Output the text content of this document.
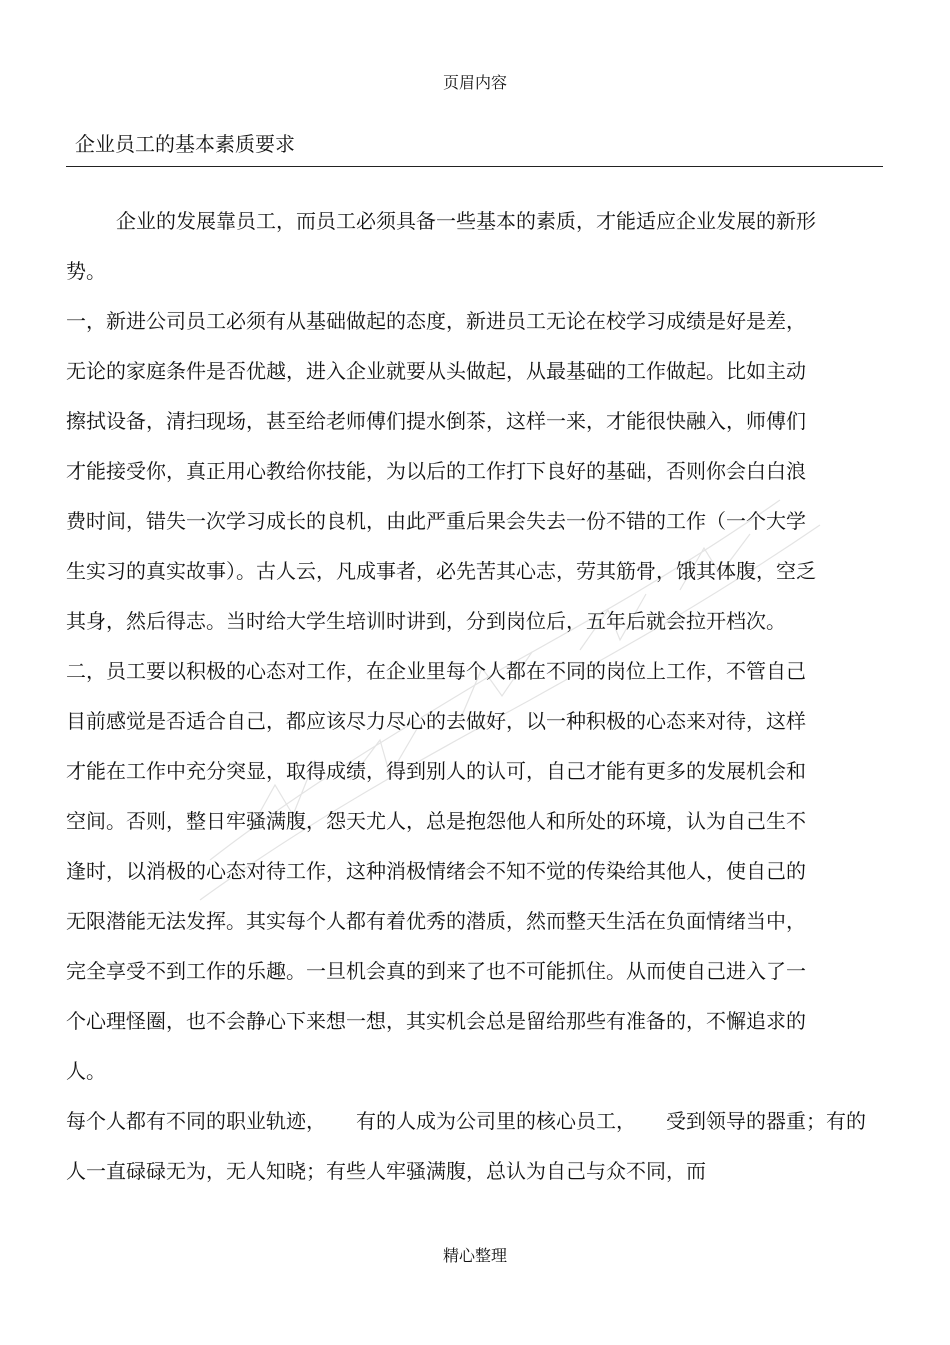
页眉内容
企业员工的基本素质要求

企业的发展靠员工，而员工必须具备一些基本的素质，才能适应企业发展的新形势。

一，新进公司员工必须有从基础做起的态度，新进员工无论在校学习成绩是好是差，无论的家庭条件是否优越，进入企业就要从头做起，从最基础的工作做起。比如主动擦拭设备，清扫现场，甚至给老师傅们提水倒茶，这样一来，才能很快融入，师傅们才能接受你，真正用心教给你技能，为以后的工作打下良好的基础，否则你会白白浪费时间，错失一次学习成长的良机，由此严重后果会失去一份不错的工作（一个大学生实习的真实故事）。古人云，凡成事者，必先苦其心志，劳其筋骨，饿其体腹，空乏其身，然后得志。当时给大学生培训时讲到，分到岗位后，五年后就会拉开档次。

二，员工要以积极的心态对工作，在企业里每个人都在不同的岗位上工作，不管自己目前感觉是否适合自己，都应该尽力尽心的去做好，以一种积极的心态来对待，这样才能在工作中充分突显，取得成绩，得到别人的认可，自己才能有更多的发展机会和空间。否则，整日牢骚满腹，怨天尤人，总是抱怨他人和所处的环境，认为自己生不逢时，以消极的心态对待工作，这种消极情绪会不知不觉的传染给其他人，使自己的无限潜能无法发挥。其实每个人都有着优秀的潜质，然而整天生活在负面情绪当中，完全享受不到工作的乐趣。一旦机会真的到来了也不可能抓住。从而使自己进入了一个心理怪圈，也不会静心下来想一想，其实机会总是留给那些有准备的，不懈追求的人。

每个人都有不同的职业轨迹，　　有的人成为公司里的核心员工，　　受到领导的器重；有的人一直碌碌无为，无人知晓；有些人牢骚满腹，总认为自己与众不同，而

精心整理
